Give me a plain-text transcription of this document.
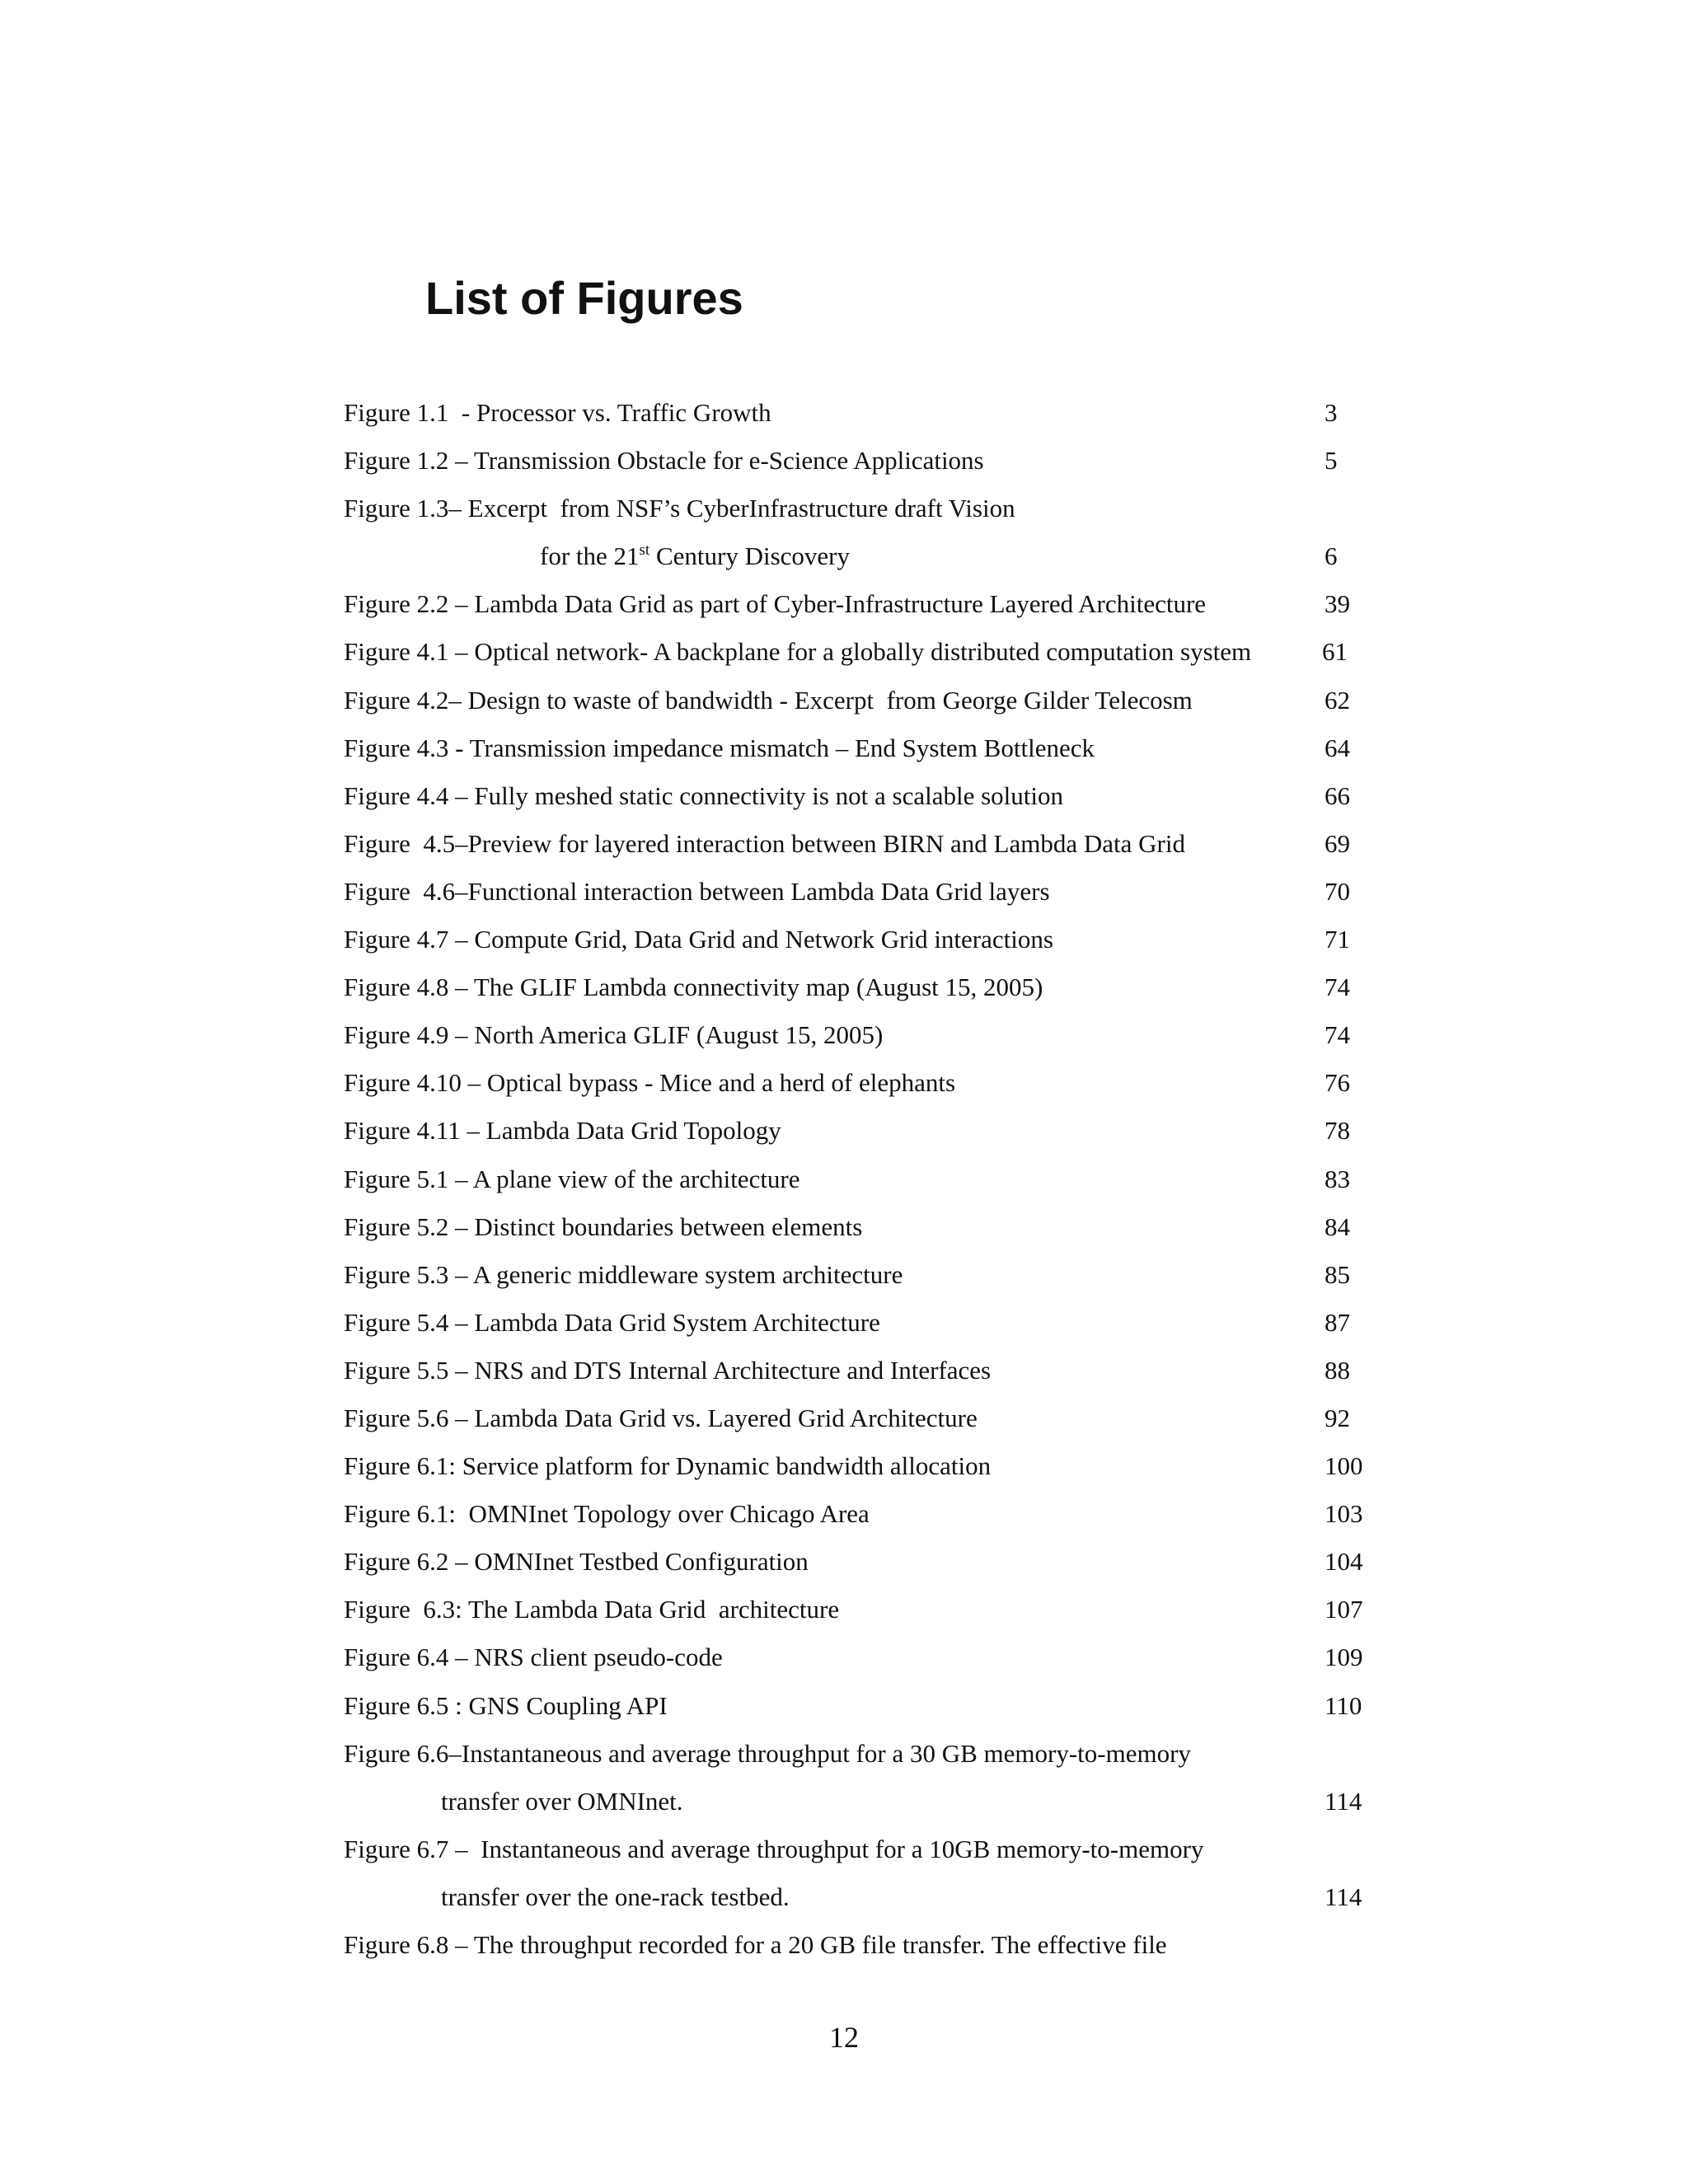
List of Figures
Figure 1.1  - Processor vs. Traffic Growth	3
Figure 1.2 – Transmission Obstacle for e-Science Applications	5
Figure 1.3– Excerpt  from NSF’s CyberInfrastructure draft Vision
for the 21st Century Discovery	6
Figure 2.2 – Lambda Data Grid as part of Cyber-Infrastructure Layered Architecture	39
Figure 4.1 – Optical network- A backplane for a globally distributed computation system	61
Figure 4.2– Design to waste of bandwidth - Excerpt  from George Gilder Telecosm	62
Figure 4.3 - Transmission impedance mismatch – End System Bottleneck	64
Figure 4.4 – Fully meshed static connectivity is not a scalable solution	66
Figure  4.5–Preview for layered interaction between BIRN and Lambda Data Grid	69
Figure  4.6–Functional interaction between Lambda Data Grid layers	70
Figure 4.7 – Compute Grid, Data Grid and Network Grid interactions	71
Figure 4.8 – The GLIF Lambda connectivity map (August 15, 2005)	74
Figure 4.9 – North America GLIF (August 15, 2005)	74
Figure 4.10 – Optical bypass - Mice and a herd of elephants	76
Figure 4.11 – Lambda Data Grid Topology	78
Figure 5.1 – A plane view of the architecture	83
Figure 5.2 – Distinct boundaries between elements	84
Figure 5.3 – A generic middleware system architecture	85
Figure 5.4 – Lambda Data Grid System Architecture	87
Figure 5.5 – NRS and DTS Internal Architecture and Interfaces	88
Figure 5.6 – Lambda Data Grid vs. Layered Grid Architecture	92
Figure 6.1: Service platform for Dynamic bandwidth allocation	100
Figure 6.1:  OMNInet Topology over Chicago Area	103
Figure 6.2 – OMNInet Testbed Configuration	104
Figure  6.3: The Lambda Data Grid  architecture	107
Figure 6.4 – NRS client pseudo-code	109
Figure 6.5 : GNS Coupling API	110
Figure 6.6–Instantaneous and average throughput for a 30 GB memory-to-memory
transfer over OMNInet.	114
Figure 6.7 –  Instantaneous and average throughput for a 10GB memory-to-memory
transfer over the one-rack testbed.	114
Figure 6.8 – The throughput recorded for a 20 GB file transfer. The effective file
12
